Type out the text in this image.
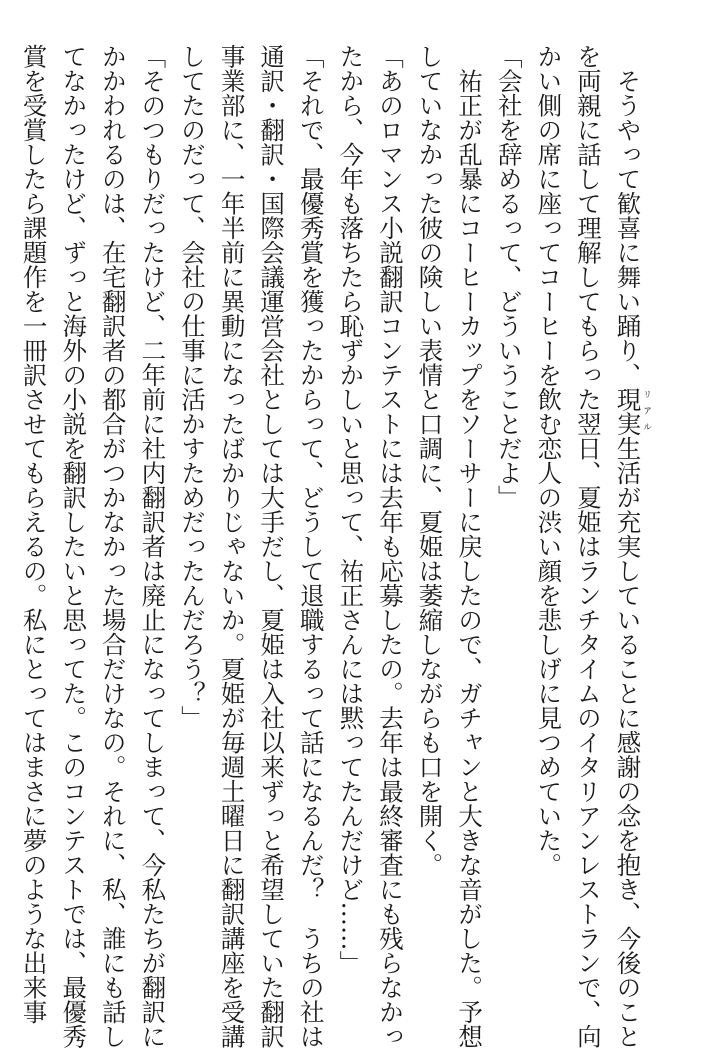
　そうやって歓喜に舞い踊り、現実リアル生活が充実していることに感謝の念を抱き、今後のこと
を両親に話して理解してもらった翌日、夏姫はランチタイムのイタリアンレストランで、向
かい側の席に座ってコーヒーを飲む恋人の渋い顔を悲しげに見つめていた。
「会社を辞めるって、どういうことだよ」
　祐正が乱暴にコーヒーカップをソーサーに戻したので、ガチャンと大きな音がした。予想
していなかった彼の険しい表情と口調に、夏姫は萎縮しながらも口を開く。
「あのロマンス小説翻訳コンテストには去年も応募したの。去年は最終審査にも残らなかっ
たから、今年も落ちたら恥ずかしいと思って、祐正さんには黙ってたんだけど……」
「それで、最優秀賞を獲ったからって、どうして退職するって話になるんだ？　うちの社は
通訳・翻訳・国際会議運営会社としては大手だし、夏姫は入社以来ずっと希望していた翻訳
事業部に、一年半前に異動になったばかりじゃないか。夏姫が毎週土曜日に翻訳講座を受講
してたのだって、会社の仕事に活かすためだったんだろう？」
「そのつもりだったけど、二年前に社内翻訳者は廃止になってしまって、今私たちが翻訳に
かかわれるのは、在宅翻訳者の都合がつかなかった場合だけなの。それに、私、誰にも話し
てなかったけど、ずっと海外の小説を翻訳したいと思ってた。このコンテストでは、最優秀
賞を受賞したら課題作を一冊訳させてもらえるの。私にとってはまさに夢のような出来事
